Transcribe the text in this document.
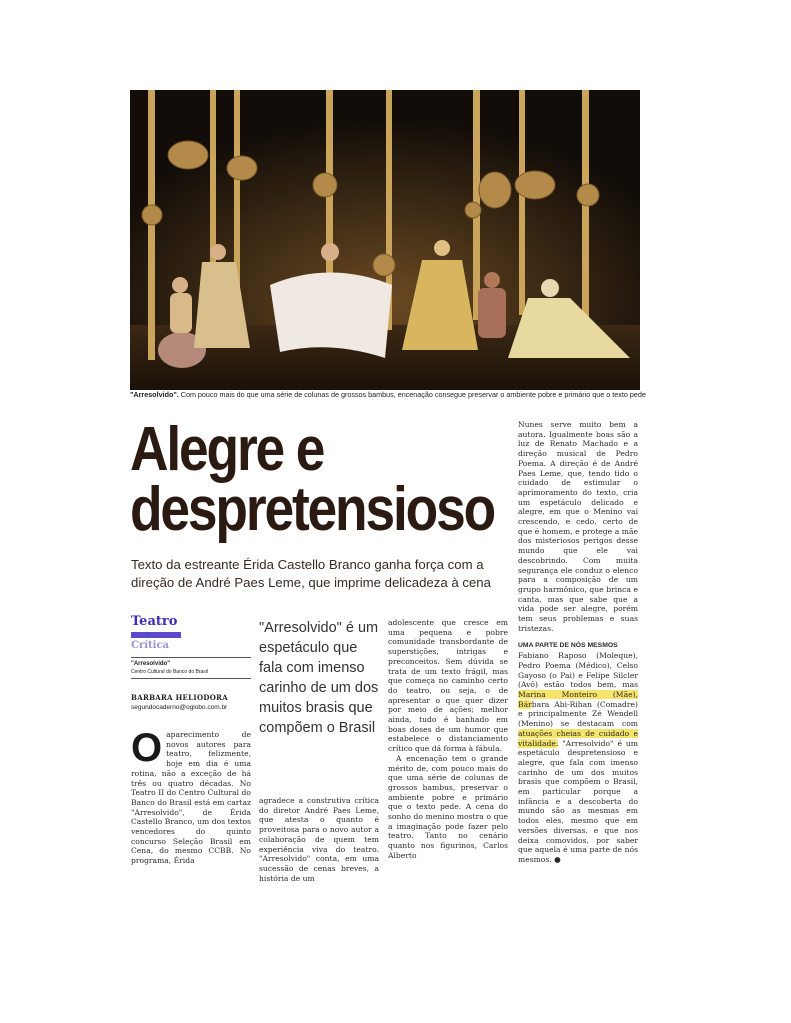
"Arresolvido". Com pouco mais do que uma série de colunas de grossos bambus, encenação consegue preservar o ambiente pobre e primário que o texto pede
Alegre e
despretensioso
Texto da estreante Érida Castello Branco ganha força com a direção de André Paes Leme, que imprime delicadeza à cena
Teatro
Crítica
"Arresolvido"
Centro Cultural do Banco do Brasil
BARBARA HELIODORA
segundocaderno@oglobo.com.br
Oaparecimento de novos autores para teatro, felizmente, hoje em dia é uma rotina, não a exceção de há três ou quatro décadas. No Teatro II do Centro Cultural do Banco do Brasil está em cartaz "Arresolvido", de Érida Castello Branco, um dos textos vencedores do quinto concurso Seleção Brasil em Cena, do mesmo CCBB. No programa, Érida
"Arresolvido" é um espetáculo que fala com imenso carinho de um dos muitos brasis que compõem o Brasil
agradece a construtiva crítica do diretor André Paes Leme, que atesta o quanto é proveitosa para o novo autor a colaboração de quem tem experiência viva do teatro. "Arresolvido" conta, em uma sucessão de cenas breves, a história de um

adolescente que cresce em uma pequena e pobre comunidade transbordante de superstições, intrigas e preconceitos. Sem dúvida se trata de um texto frágil, mas que começa no caminho certo do teatro, ou seja, o de apresentar o que quer dizer por meio de ações; melhor ainda, tudo é banhado em boas doses de um humor que estabelece o distanciamento crítico que dá forma à fábula.

A encenação tem o grande mérito de, com pouco mais do que uma série de colunas de grossos bambus, preservar o ambiente pobre e primário que o texto pede. A cena do sonho do menino mostra o que a imaginação pode fazer pelo teatro. Tanto no cenário quanto nos figurinos, Carlos Alberto

Nunes serve muito bem a autora. Igualmente boas são a luz de Renato Machado e a direção musical de Pedro Poema. A direção é de André Paes Leme, que, tendo tido o cuidado de estimular o aprimoramento do texto, cria um espetáculo delicado e alegre, em que o Menino vai crescendo, e cedo, certo de que é homem, e protege a mãe dos misteriosos perigos desse mundo que ele vai descobrindo. Com muita segurança ele conduz o elenco para a composição de um grupo harmônico, que brinca e canta, mas que sabe que a vida pode ser alegre, porém tem seus problemas e suas tristezas.

UMA PARTE DE NÓS MESMOS

Fabiano Raposo (Moleque), Pedro Poema (Médico), Celso Gayoso (o Pai) e Felipe Silcler (Avô) estão todos bem, mas Marina Monteiro (Mãe), Bárbara Abi-Rihan (Comadre) e principalmente Zé Wendell (Menino) se destacam com atuações cheias de cuidado e vitalidade. "Arresolvido" é um espetáculo despretensioso e alegre, que fala com imenso carinho de um dos muitos brasis que compõem o Brasil, em particular porque a infância e a descoberta do mundo são as mesmas em todos eles, mesmo que em versões diversas, e que nos deixa comovidos, por saber que aquela é uma parte de nós mesmos. ●
